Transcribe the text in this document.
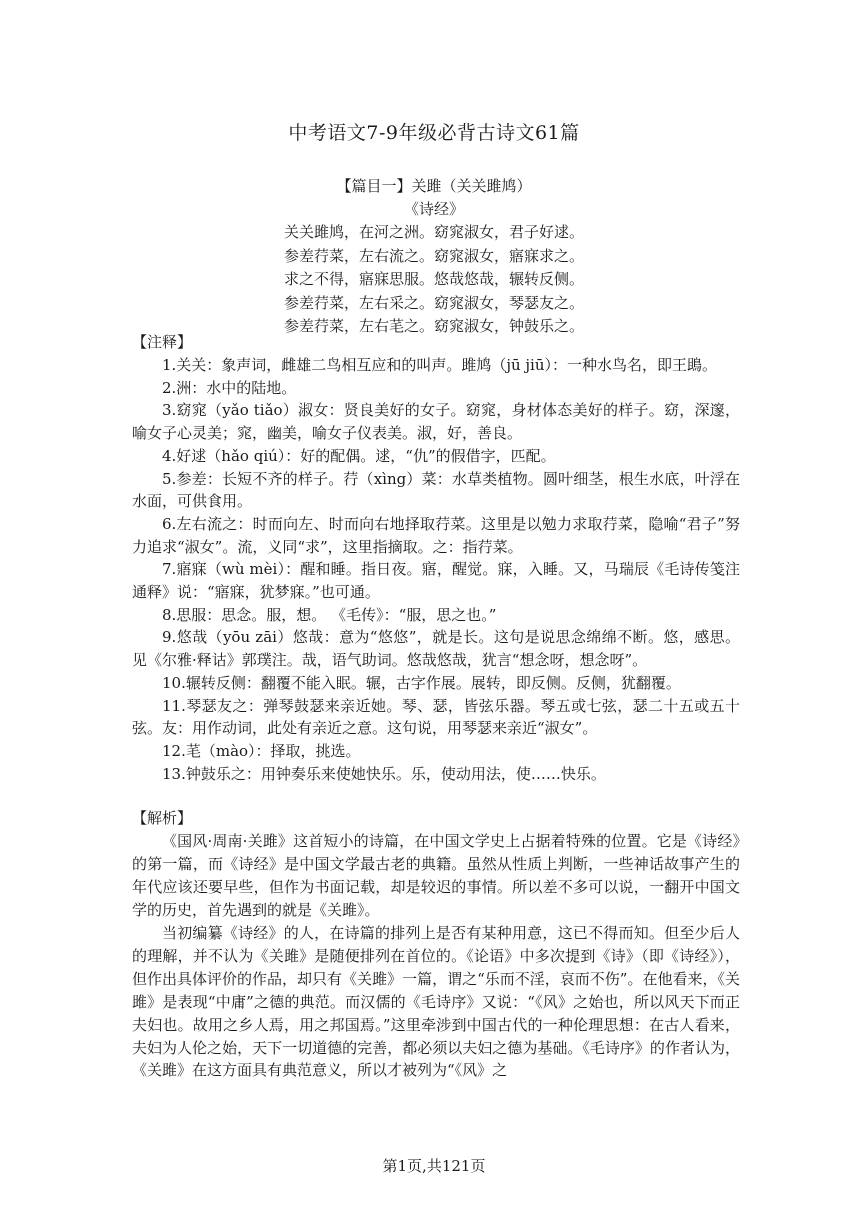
中考语文7-9年级必背古诗文61篇
【篇目一】关雎（关关雎鸠）
《诗经》
关关雎鸠，在河之洲。窈窕淑女，君子好逑。
参差荇菜，左右流之。窈窕淑女，寤寐求之。
求之不得，寤寐思服。悠哉悠哉，辗转反侧。
参差荇菜，左右采之。窈窕淑女，琴瑟友之。
参差荇菜，左右芼之。窈窕淑女，钟鼓乐之。
【注释】

1.关关：象声词，雌雄二鸟相互应和的叫声。雎鸠（jū jiū）：一种水鸟名，即王鴡。

2.洲：水中的陆地。

3.窈窕（yǎo tiǎo）淑女：贤良美好的女子。窈窕，身材体态美好的样子。窈，深邃，喻女子心灵美；窕，幽美，喻女子仪表美。淑，好，善良。

4.好逑（hǎo qiú）：好的配偶。逑，“仇”的假借字，匹配。

5.参差：长短不齐的样子。荇（xìng）菜：水草类植物。圆叶细茎，根生水底，叶浮在水面，可供食用。

6.左右流之：时而向左、时而向右地择取荇菜。这里是以勉力求取荇菜，隐喻“君子”努力追求“淑女”。流，义同“求”，这里指摘取。之：指荇菜。

7.寤寐（wù mèi）：醒和睡。指日夜。寤，醒觉。寐，入睡。又，马瑞辰《毛诗传笺注通释》说：“寤寐，犹梦寐。”也可通。

8.思服：思念。服，想。 《毛传》：“服，思之也。”

9.悠哉（yōu zāi）悠哉：意为“悠悠”，就是长。这句是说思念绵绵不断。悠，感思。见《尔雅·释诂》郭璞注。哉，语气助词。悠哉悠哉，犹言“想念呀，想念呀”。

10.辗转反侧：翻覆不能入眠。辗，古字作展。展转，即反侧。反侧，犹翻覆。

11.琴瑟友之：弹琴鼓瑟来亲近她。琴、瑟，皆弦乐器。琴五或七弦，瑟二十五或五十弦。友：用作动词，此处有亲近之意。这句说，用琴瑟来亲近“淑女”。

12.芼（mào）：择取，挑选。

13.钟鼓乐之：用钟奏乐来使她快乐。乐，使动用法，使……快乐。

【解析】

《国风·周南·关雎》这首短小的诗篇，在中国文学史上占据着特殊的位置。它是《诗经》的第一篇，而《诗经》是中国文学最古老的典籍。虽然从性质上判断，一些神话故事产生的年代应该还要早些，但作为书面记载，却是较迟的事情。所以差不多可以说，一翻开中国文学的历史，首先遇到的就是《关雎》。

当初编纂《诗经》的人，在诗篇的排列上是否有某种用意，这已不得而知。但至少后人的理解，并不认为《关雎》是随便排列在首位的。《论语》中多次提到《诗》（即《诗经》），但作出具体评价的作品，却只有《关雎》一篇，谓之“乐而不淫，哀而不伤”。在他看来，《关雎》是表现“中庸”之德的典范。而汉儒的《毛诗序》又说：“《风》之始也，所以风天下而正夫妇也。故用之乡人焉，用之邦国焉。”这里牵涉到中国古代的一种伦理思想：在古人看来，夫妇为人伦之始，天下一切道德的完善，都必须以夫妇之德为基础。《毛诗序》的作者认为，《关雎》在这方面具有典范意义，所以才被列为“《风》之

第1页,共121页
